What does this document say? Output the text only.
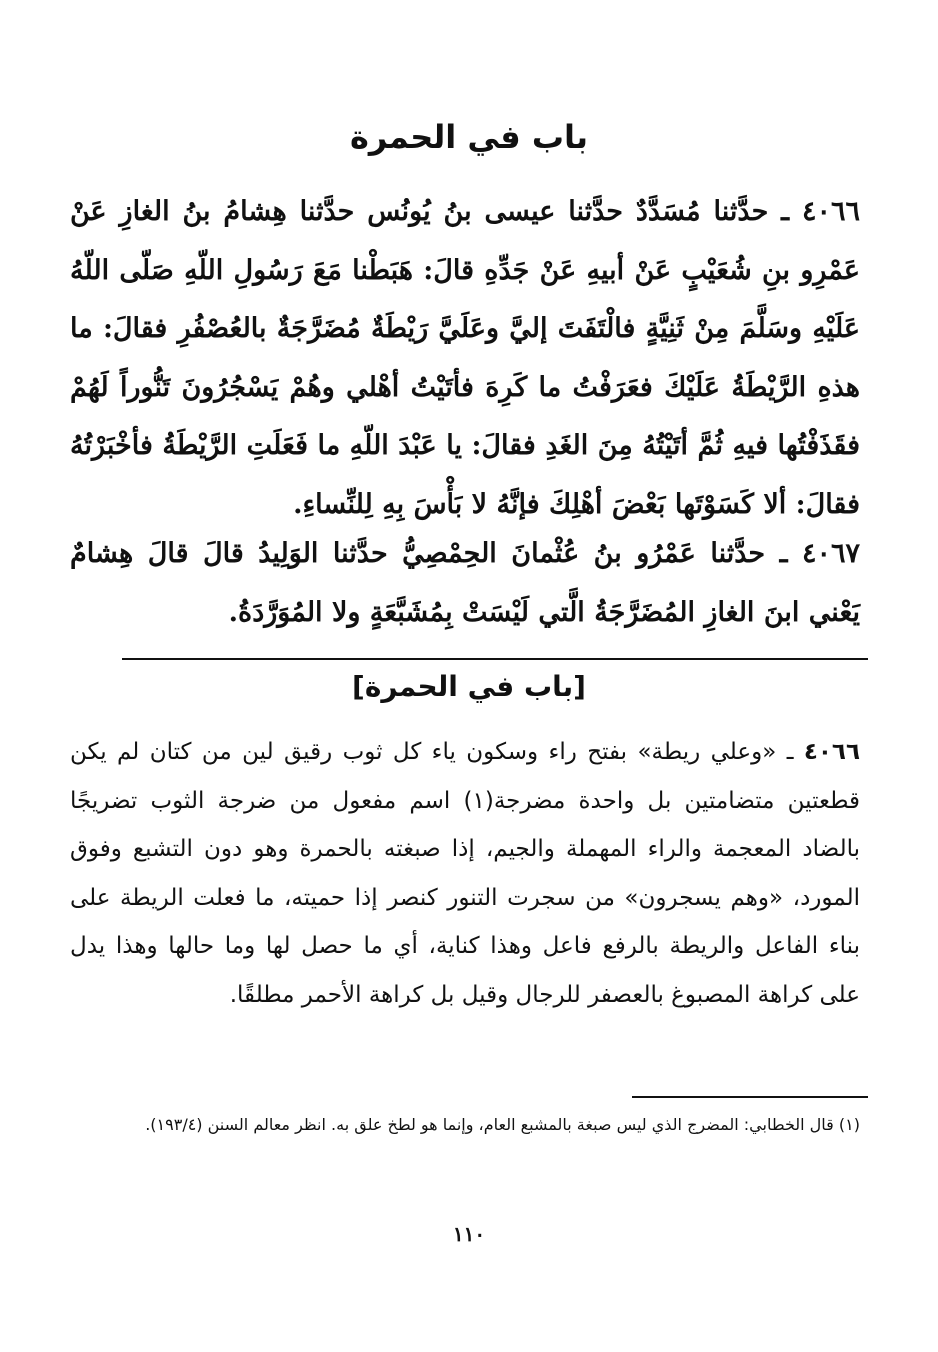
باب في الحمرة
٤٠٦٦ ـ حدَّثنا مُسَدَّدٌ حدَّثنا عيسى بنُ يُونُس حدَّثنا هِشامُ بنُ الغازِ عَنْ عَمْرِو بنِ شُعَيْبٍ عَنْ أبيهِ عَنْ جَدِّهِ قالَ: هَبَطْنا مَعَ رَسُولِ اللّهِ صَلّى اللّهُ عَلَيْهِ وسَلَّمَ مِنْ ثَنِيَّةٍ فالْتَفَتَ إليَّ وعَلَيَّ رَيْطَةٌ مُضَرَّجَةٌ بالعُصْفُرِ فقالَ: ما هذهِ الرَّيْطَةُ عَلَيْكَ فعَرَفْتُ ما كَرِهَ فأتَيْتُ أهْلي وهُمْ يَسْجُرُونَ تَنُّوراً لَهُمْ فقَذَفْتُها فيهِ ثُمَّ أتَيْتُهُ مِنَ الغَدِ فقالَ: يا عَبْدَ اللّهِ ما فَعَلَتِ الرَّيْطَةُ فأخْبَرْتُهُ فقالَ: ألا كَسَوْتَها بَعْضَ أهْلِكَ فإنَّهُ لا بَأْسَ بِهِ لِلنِّساءِ.
٤٠٦٧ ـ حدَّثنا عَمْرُو بنُ عُثْمانَ الحِمْصِيُّ حدَّثنا الوَلِيدُ قالَ قالَ هِشامٌ يَعْني ابنَ الغازِ المُضَرَّجَةُ الَّتي لَيْسَتْ بِمُشَبَّعَةٍ ولا المُوَرَّدَةُ.
[باب في الحمرة]
٤٠٦٦ ـ «وعلي ريطة» بفتح راء وسكون ياء كل ثوب رقيق لين من كتان لم يكن قطعتين متضامتين بل واحدة مضرجة(١) اسم مفعول من ضرجة الثوب تضريجًا بالضاد المعجمة والراء المهملة والجيم، إذا صبغته بالحمرة وهو دون التشبع وفوق المورد، «وهم يسجرون» من سجرت التنور كنصر إذا حميته، ما فعلت الريطة على بناء الفاعل والريطة بالرفع فاعل وهذا كناية، أي ما حصل لها وما حالها وهذا يدل على كراهة المصبوغ بالعصفر للرجال وقيل بل كراهة الأحمر مطلقًا.
(١) قال الخطابي: المضرج الذي ليس صبغة بالمشبع العام، وإنما هو لطخ علق به. انظر معالم السنن (١٩٣/٤).
١١٠
